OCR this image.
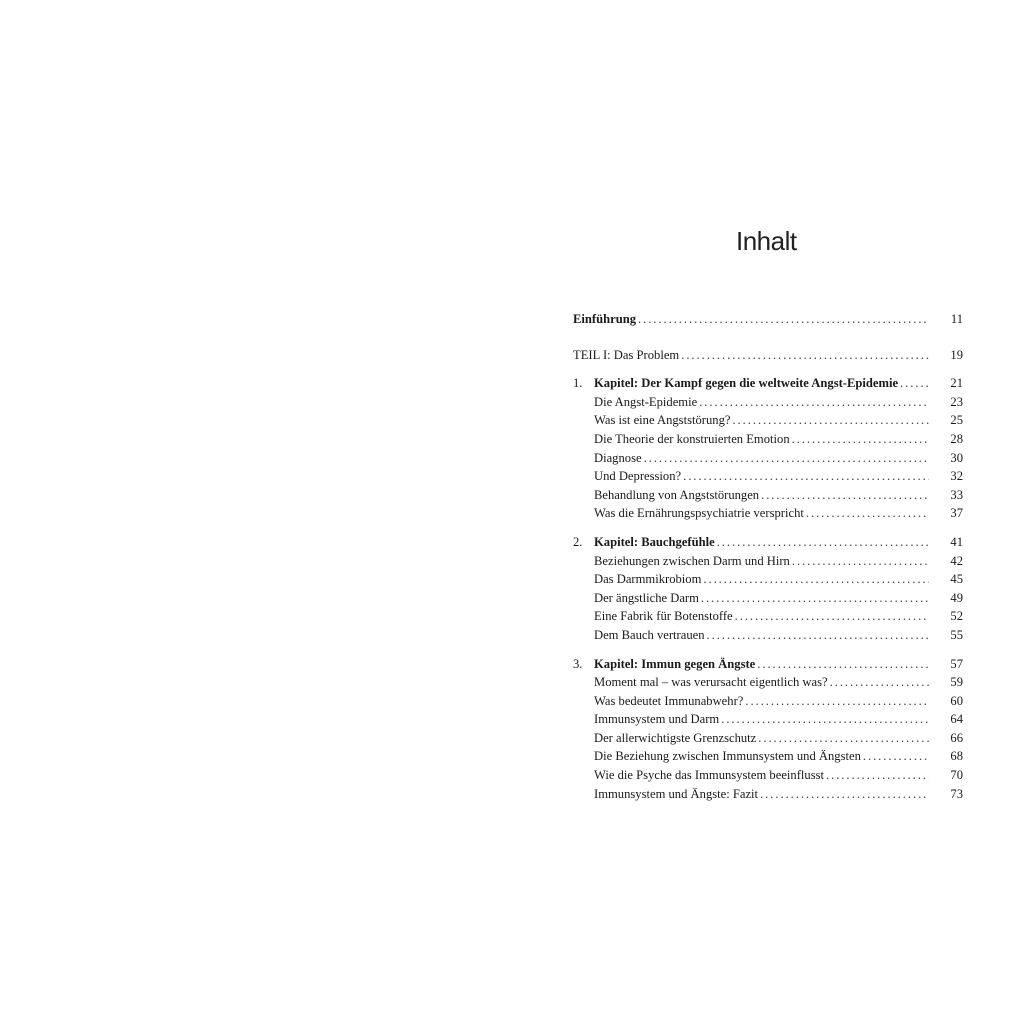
Inhalt
Einführung . . .	11
TEIL I: Das Problem . . .	19
1. Kapitel: Der Kampf gegen die weltweite Angst-Epidemie . . .	21
Die Angst-Epidemie . . .	23
Was ist eine Angststörung? . . .	25
Die Theorie der konstruierten Emotion . . .	28
Diagnose . . .	30
Und Depression? . . .	32
Behandlung von Angststörungen . . .	33
Was die Ernährungspsychiatrie verspricht . . .	37
2. Kapitel: Bauchgefühle . . .	41
Beziehungen zwischen Darm und Hirn . . .	42
Das Darmmikrobiom . . .	45
Der ängstliche Darm . . .	49
Eine Fabrik für Botenstoffe . . .	52
Dem Bauch vertrauen . . .	55
3. Kapitel: Immun gegen Ängste . . .	57
Moment mal – was verursacht eigentlich was? . . .	59
Was bedeutet Immunabwehr? . . .	60
Immunsystem und Darm . . .	64
Der allerwichtigste Grenzschutz . . .	66
Die Beziehung zwischen Immunsystem und Ängsten . . .	68
Wie die Psyche das Immunsystem beeinflusst . . .	70
Immunsystem und Ängste: Fazit . . .	73
